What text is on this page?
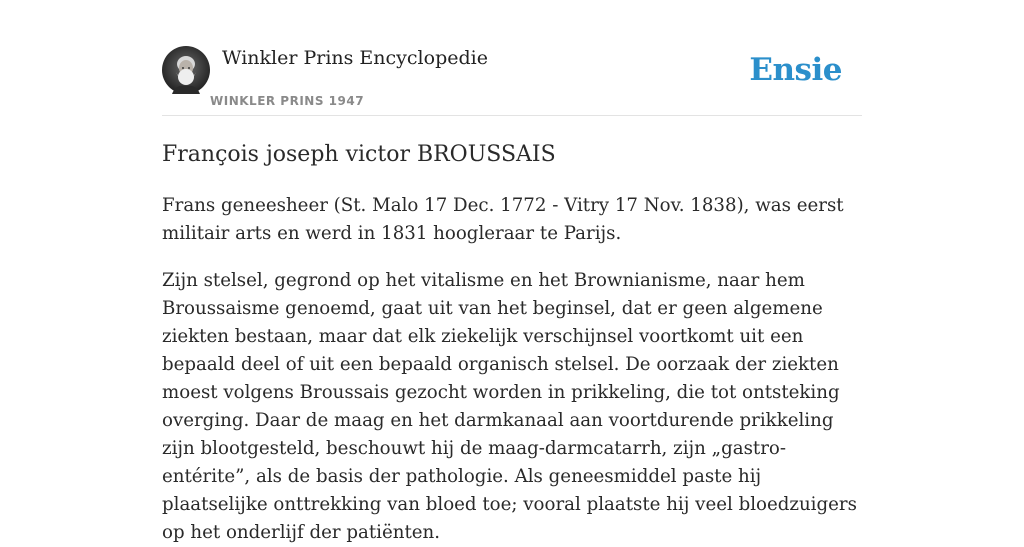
Winkler Prins Encyclopedie
WINKLER PRINS 1947
Ensie
François joseph victor BROUSSAIS

Frans geneesheer (St. Malo 17 Dec. 1772 - Vitry 17 Nov. 1838), was eerst militair arts en werd in 1831 hoogleraar te Parijs.

Zijn stelsel, gegrond op het vitalisme en het Brownianisme, naar hem Broussaisme genoemd, gaat uit van het beginsel, dat er geen algemene ziekten bestaan, maar dat elk ziekelijk verschijnsel voortkomt uit een bepaald deel of uit een bepaald organisch stelsel. De oorzaak der ziekten moest volgens Broussais gezocht worden in prikkeling, die tot ontsteking overging. Daar de maag en het darmkanaal aan voortdurende prikkeling zijn blootgesteld, beschouwt hij de maag-darmcatarrh, zijn „gastro-entérite”, als de basis der pathologie. Als geneesmiddel paste hij plaatselijke onttrekking van bloed toe; vooral plaatste hij veel bloedzuigers op het onderlijf der patiënten.
